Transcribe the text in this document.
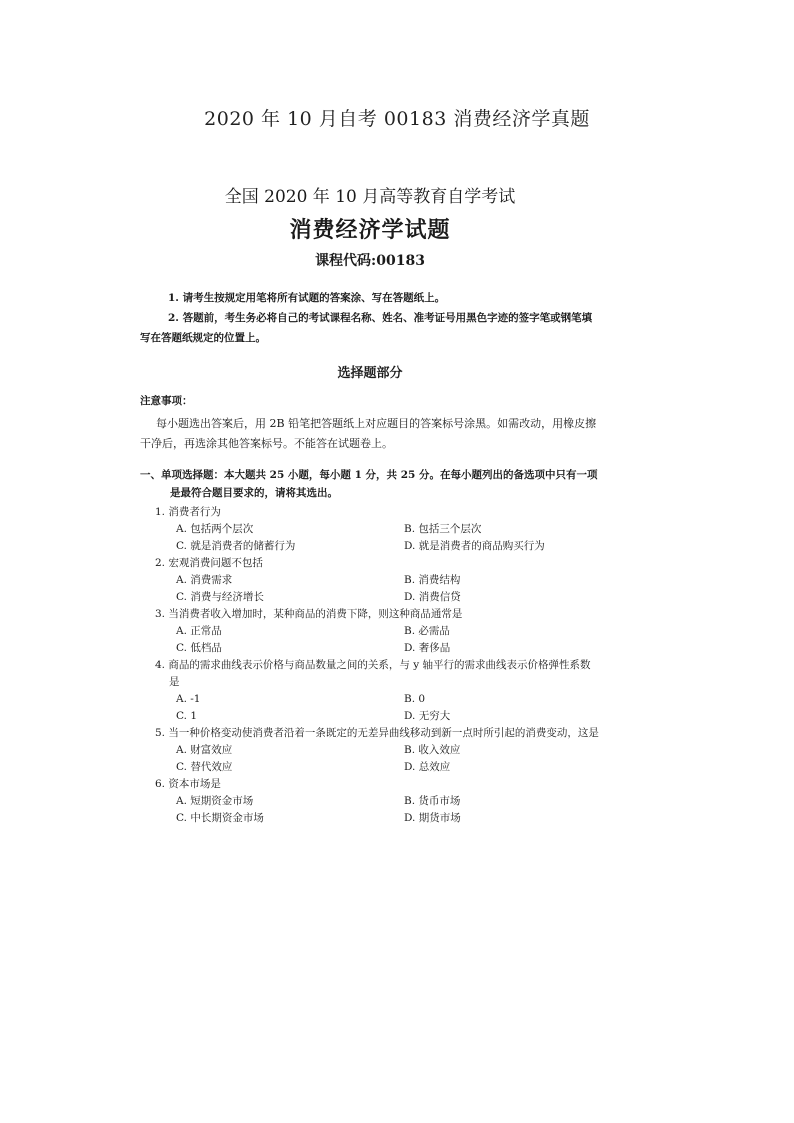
2020 年 10 月自考 00183 消费经济学真题
全国 2020 年 10 月高等教育自学考试
消费经济学试题
课程代码:00183
1. 请考生按规定用笔将所有试题的答案涂、写在答题纸上。
2. 答题前，考生务必将自己的考试课程名称、姓名、准考证号用黑色字迹的签字笔或钢笔填写在答题纸规定的位置上。
选择题部分
注意事项：
每小题选出答案后，用 2B 铅笔把答题纸上对应题目的答案标号涂黑。如需改动，用橡皮擦干净后，再选涂其他答案标号。不能答在试题卷上。
一、单项选择题：本大题共 25 小题，每小题 1 分，共 25 分。在每小题列出的备选项中只有一项是最符合题目要求的，请将其选出。
1. 消费者行为
A. 包括两个层次	B. 包括三个层次
C. 就是消费者的储蓄行为	D. 就是消费者的商品购买行为
2. 宏观消费问题不包括
A. 消费需求	B. 消费结构
C. 消费与经济增长	D. 消费信贷
3. 当消费者收入增加时，某种商品的消费下降，则这种商品通常是
A. 正常品	B. 必需品
C. 低档品	D. 奢侈品
4. 商品的需求曲线表示价格与商品数量之间的关系，与 y 轴平行的需求曲线表示价格弹性系数是
A. -1	B. 0
C. 1	D. 无穷大
5. 当一种价格变动使消费者沿着一条既定的无差异曲线移动到新一点时所引起的消费变动，这是
A. 财富效应	B. 收入效应
C. 替代效应	D. 总效应
6. 资本市场是
A. 短期资金市场	B. 货币市场
C. 中长期资金市场	D. 期货市场
